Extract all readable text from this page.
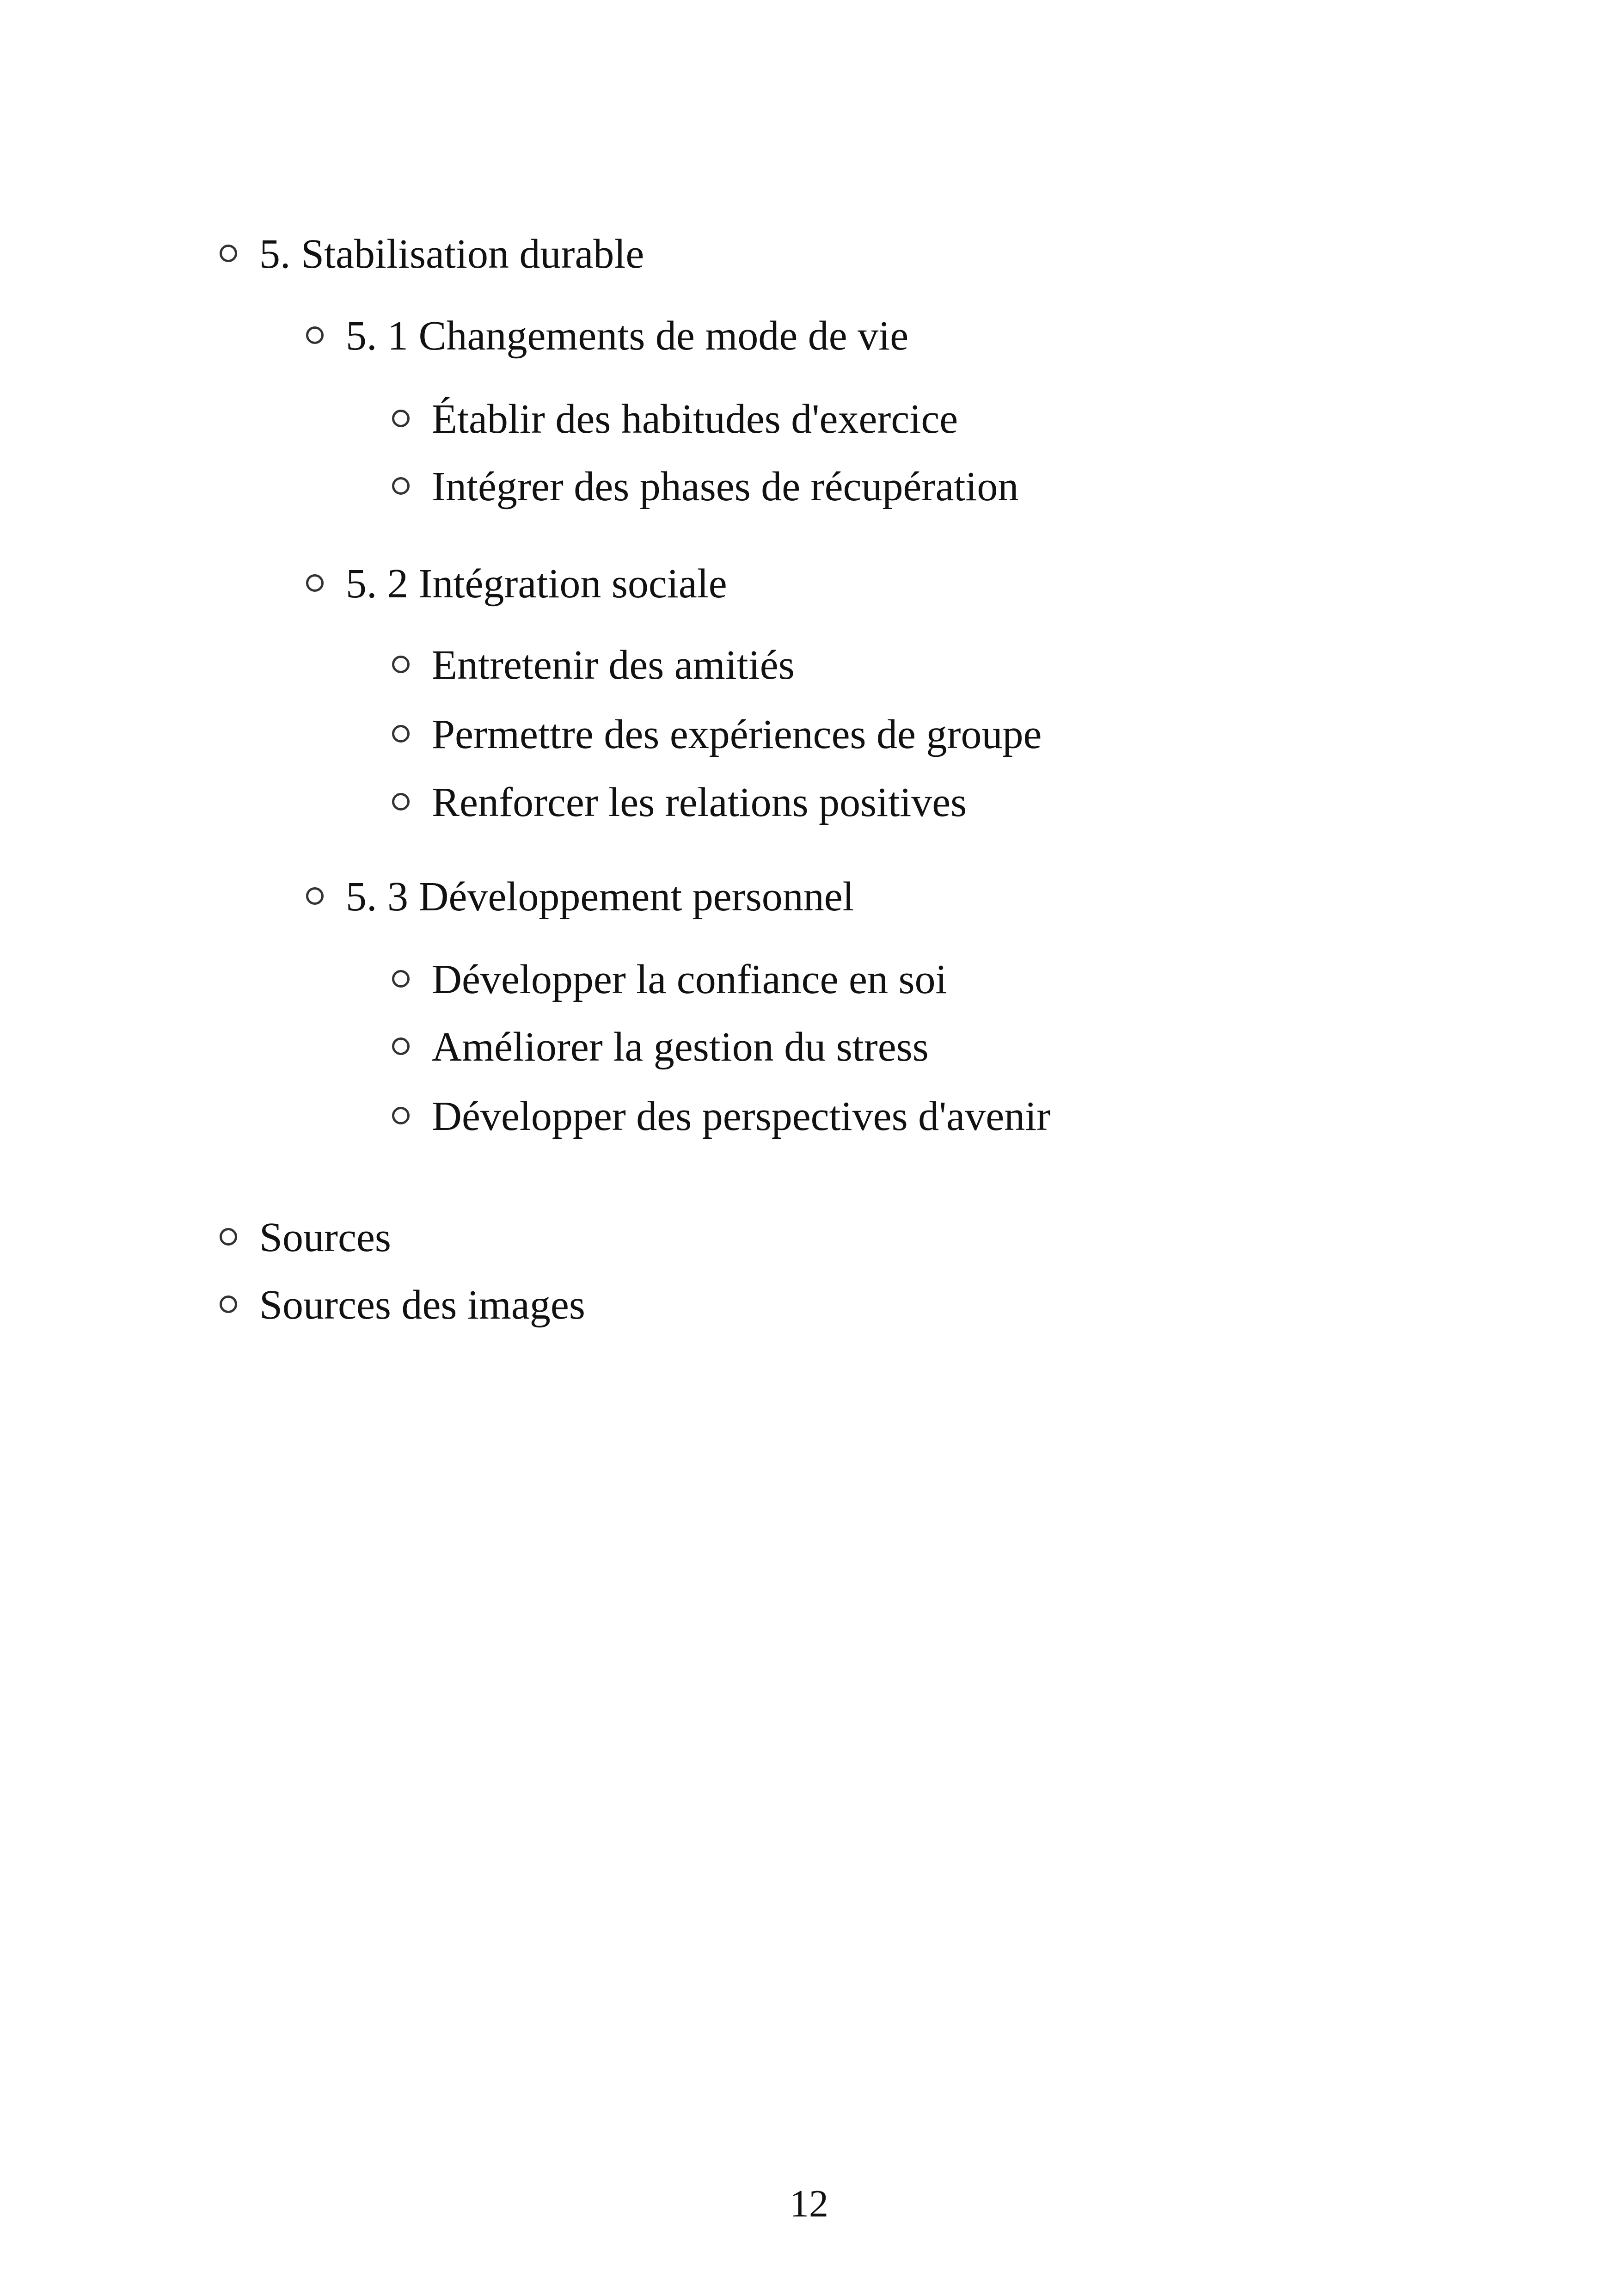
5. Stabilisation durable
5. 1 Changements de mode de vie
Établir des habitudes d'exercice
Intégrer des phases de récupération
5. 2 Intégration sociale
Entretenir des amitiés
Permettre des expériences de groupe
Renforcer les relations positives
5. 3 Développement personnel
Développer la confiance en soi
Améliorer la gestion du stress
Développer des perspectives d'avenir
Sources
Sources des images
12
